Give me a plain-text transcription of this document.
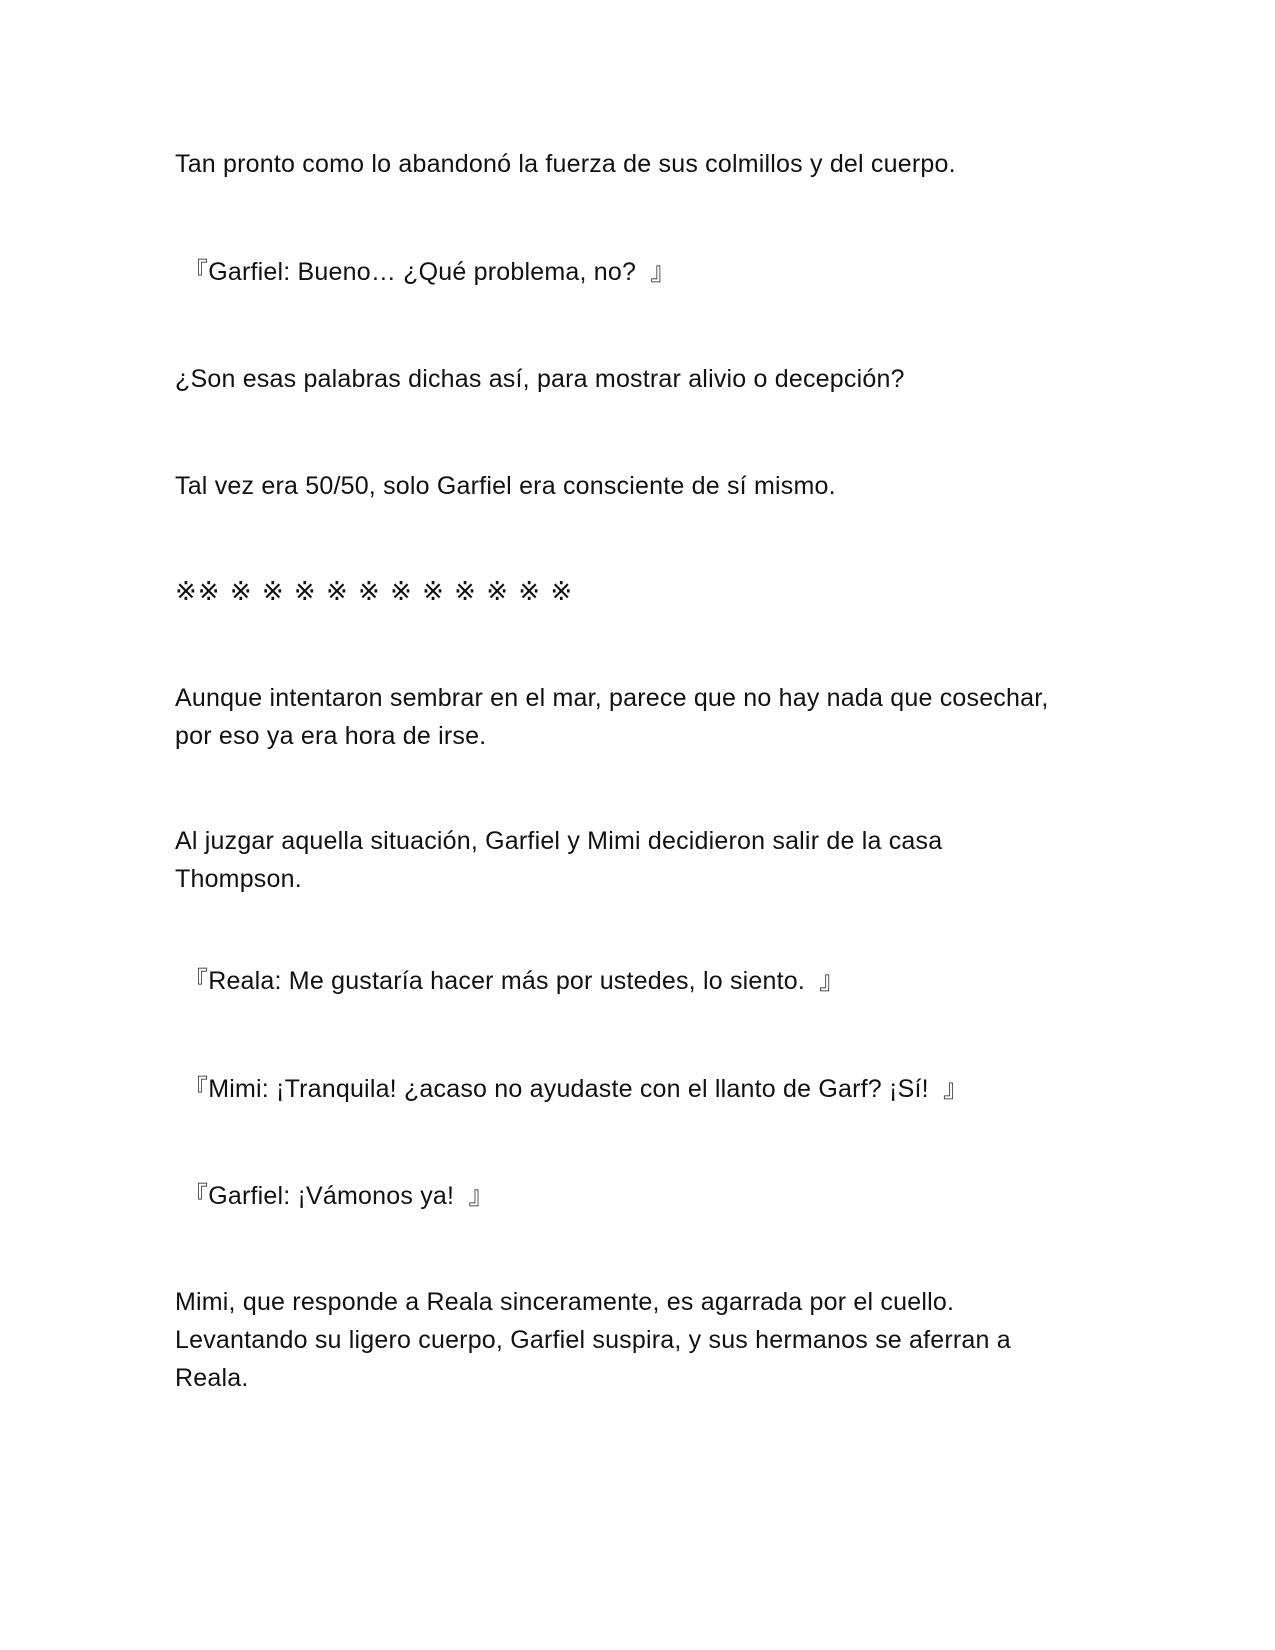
Tan pronto como lo abandonó la fuerza de sus colmillos y del cuerpo.

『Garfiel: Bueno… ¿Qué problema, no?  』

¿Son esas palabras dichas así, para mostrar alivio o decepción?

Tal vez era 50/50, solo Garfiel era consciente de sí mismo.

※※ ※ ※ ※ ※ ※ ※ ※ ※ ※ ※ ※

Aunque intentaron sembrar en el mar, parece que no hay nada que cosechar,
por eso ya era hora de irse.

Al juzgar aquella situación, Garfiel y Mimi decidieron salir de la casa
Thompson.

『Reala: Me gustaría hacer más por ustedes, lo siento.  』

『Mimi: ¡Tranquila! ¿acaso no ayudaste con el llanto de Garf? ¡Sí!  』

『Garfiel: ¡Vámonos ya!  』

Mimi, que responde a Reala sinceramente, es agarrada por el cuello.
Levantando su ligero cuerpo, Garfiel suspira, y sus hermanos se aferran a
Reala.
